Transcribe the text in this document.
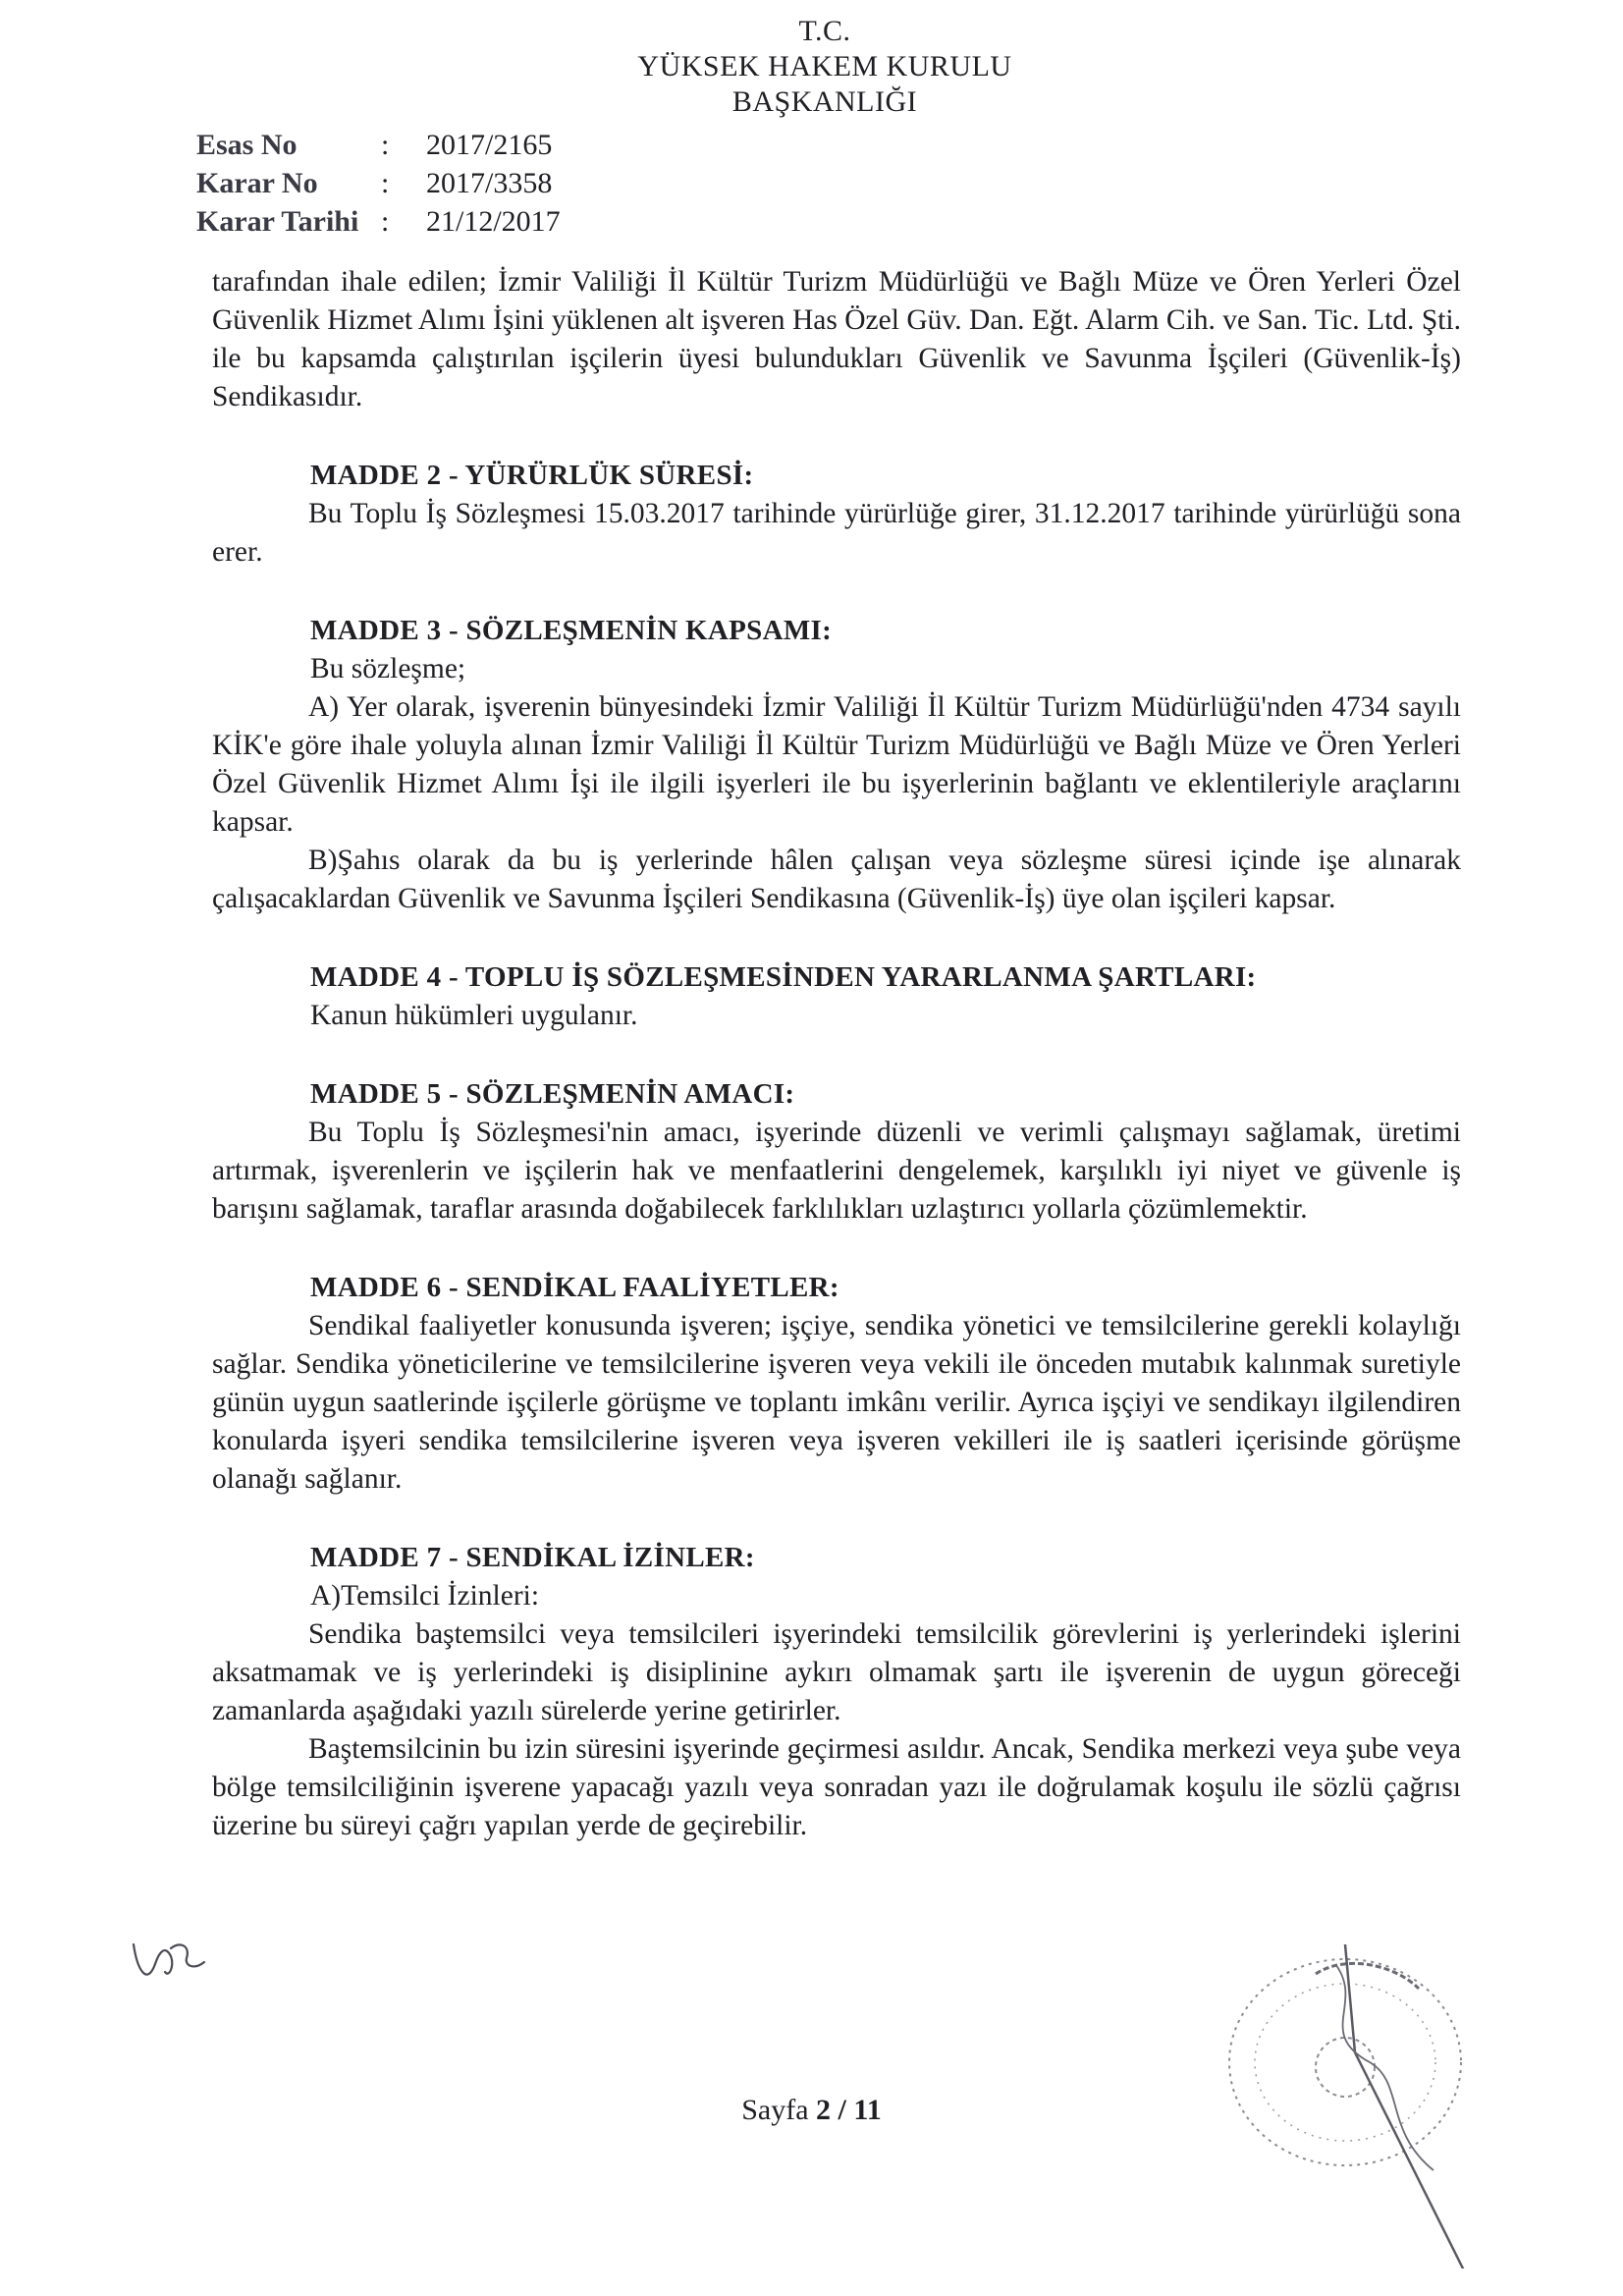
T.C.
YÜKSEK HAKEM KURULU
BAŞKANLIĞI
Esas No	:	2017/2165
Karar No	:	2017/3358
Karar Tarihi :	21/12/2017

tarafından ihale edilen; İzmir Valiliği İl Kültür Turizm Müdürlüğü ve Bağlı Müze ve Ören Yerleri Özel Güvenlik Hizmet Alımı İşini yüklenen alt işveren Has Özel Güv. Dan. Eğt. Alarm Cih. ve San. Tic. Ltd. Şti. ile bu kapsamda çalıştırılan işçilerin üyesi bulundukları Güvenlik ve Savunma İşçileri (Güvenlik-İş) Sendikasıdır.

MADDE 2 - YÜRÜRLÜK SÜRESİ:

Bu Toplu İş Sözleşmesi 15.03.2017 tarihinde yürürlüğe girer, 31.12.2017 tarihinde yürürlüğü sona erer.

MADDE 3 - SÖZLEŞMENİN KAPSAMI:
Bu sözleşme;

A) Yer olarak, işverenin bünyesindeki İzmir Valiliği İl Kültür Turizm Müdürlüğü'nden 4734 sayılı KİK'e göre ihale yoluyla alınan İzmir Valiliği İl Kültür Turizm Müdürlüğü ve Bağlı Müze ve Ören Yerleri Özel Güvenlik Hizmet Alımı İşi ile ilgili işyerleri ile bu işyerlerinin bağlantı ve eklentileriyle araçlarını kapsar.

B)Şahıs olarak da bu iş yerlerinde hâlen çalışan veya sözleşme süresi içinde işe alınarak çalışacaklardan Güvenlik ve Savunma İşçileri Sendikasına (Güvenlik-İş) üye olan işçileri kapsar.

MADDE 4 - TOPLU İŞ SÖZLEŞMESİNDEN YARARLANMA ŞARTLARI:
Kanun hükümleri uygulanır.
MADDE 5 - SÖZLEŞMENİN AMACI:

Bu Toplu İş Sözleşmesi'nin amacı, işyerinde düzenli ve verimli çalışmayı sağlamak, üretimi artırmak, işverenlerin ve işçilerin hak ve menfaatlerini dengelemek, karşılıklı iyi niyet ve güvenle iş barışını sağlamak, taraflar arasında doğabilecek farklılıkları uzlaştırıcı yollarla çözümlemektir.

MADDE 6 - SENDİKAL FAALİYETLER:

Sendikal faaliyetler konusunda işveren; işçiye, sendika yönetici ve temsilcilerine gerekli kolaylığı sağlar. Sendika yöneticilerine ve temsilcilerine işveren veya vekili ile önceden mutabık kalınmak suretiyle günün uygun saatlerinde işçilerle görüşme ve toplantı imkânı verilir. Ayrıca işçiyi ve sendikayı ilgilendiren konularda işyeri sendika temsilcilerine işveren veya işveren vekilleri ile iş saatleri içerisinde görüşme olanağı sağlanır.

MADDE 7 - SENDİKAL İZİNLER:
A)Temsilci İzinleri:

Sendika baştemsilci veya temsilcileri işyerindeki temsilcilik görevlerini iş yerlerindeki işlerini aksatmamak ve iş yerlerindeki iş disiplinine aykırı olmamak şartı ile işverenin de uygun göreceği zamanlarda aşağıdaki yazılı sürelerde yerine getirirler.

Baştemsilcinin bu izin süresini işyerinde geçirmesi asıldır. Ancak, Sendika merkezi veya şube veya bölge temsilciliğinin işverene yapacağı yazılı veya sonradan yazı ile doğrulamak koşulu ile sözlü çağrısı üzerine bu süreyi çağrı yapılan yerde de geçirebilir.

Sayfa 2 / 11
